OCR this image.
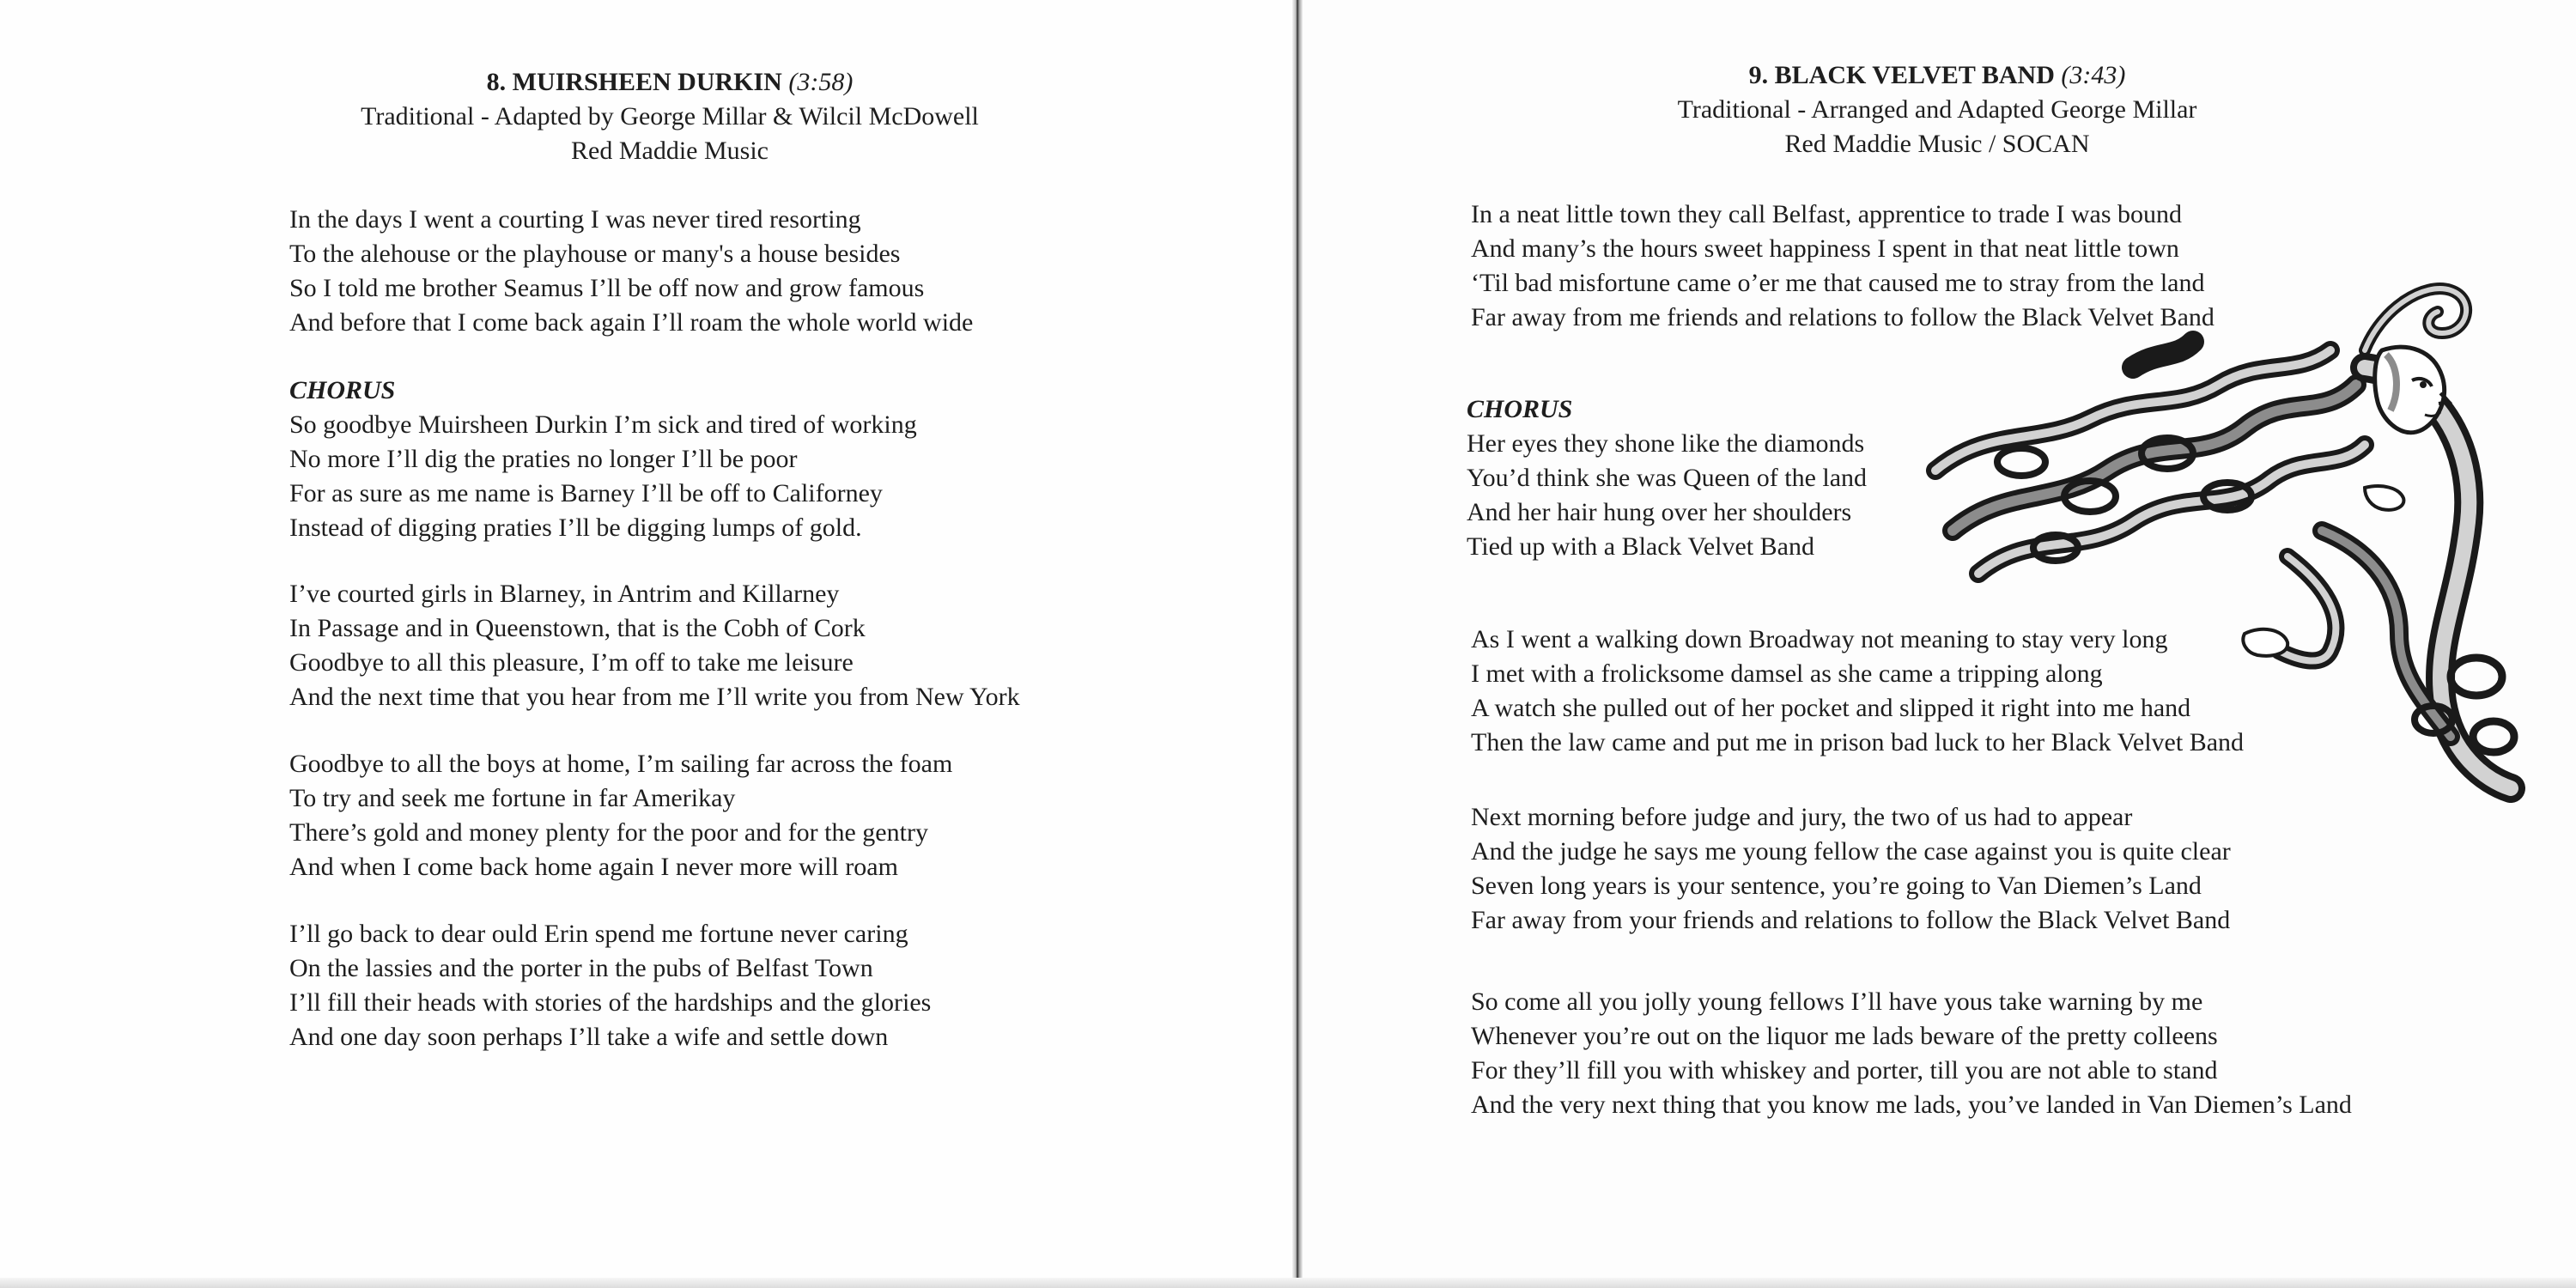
8. MUIRSHEEN DURKIN (3:58)
Traditional - Adapted by George Millar & Wilcil McDowell
Red Maddie Music
In the days I went a courting I was never tired resorting
To the alehouse or the playhouse or many's a house besides
So I told me brother Seamus I’ll be off now and grow famous
And before that I come back again I’ll roam the whole world wide
CHORUS
So goodbye Muirsheen Durkin I’m sick and tired of working
No more I’ll dig the praties no longer I’ll be poor
For as sure as me name is Barney I’ll be off to Californey
Instead of digging praties I’ll be digging lumps of gold.
I’ve courted girls in Blarney, in Antrim and Killarney
In Passage and in Queenstown, that is the Cobh of Cork
Goodbye to all this pleasure, I’m off to take me leisure
And the next time that you hear from me I’ll write you from New York
Goodbye to all the boys at home, I’m sailing far across the foam
To try and seek me fortune in far Amerikay
There’s gold and money plenty for the poor and for the gentry
And when I come back home again I never more will roam
I’ll go back to dear ould Erin spend me fortune never caring
On the lassies and the porter in the pubs of Belfast Town
I’ll fill their heads with stories of the hardships and the glories
And one day soon perhaps I’ll take a wife and settle down
9. BLACK VELVET BAND (3:43)
Traditional - Arranged and Adapted George Millar
Red Maddie Music / SOCAN
In a neat little town they call Belfast, apprentice to trade I was bound
And many’s the hours sweet happiness I spent in that neat little town
‘Til bad misfortune came o’er me that caused me to stray from the land
Far away from me friends and relations to follow the Black Velvet Band
CHORUS
Her eyes they shone like the diamonds
You’d think she was Queen of the land
And her hair hung over her shoulders
Tied up with a Black Velvet Band
As I went a walking down Broadway not meaning to stay very long
I met with a frolicksome damsel as she came a tripping along
A watch she pulled out of her pocket and slipped it right into me hand
Then the law came and put me in prison bad luck to her Black Velvet Band
Next morning before judge and jury, the two of us had to appear
And the judge he says me young fellow the case against you is quite clear
Seven long years is your sentence, you’re going to Van Diemen’s Land
Far away from your friends and relations to follow the Black Velvet Band
So come all you jolly young fellows I’ll have yous take warning by me
Whenever you’re out on the liquor me lads beware of the pretty colleens
For they’ll fill you with whiskey and porter, till you are not able to stand
And the very next thing that you know me lads, you’ve landed in Van Diemen’s Land
